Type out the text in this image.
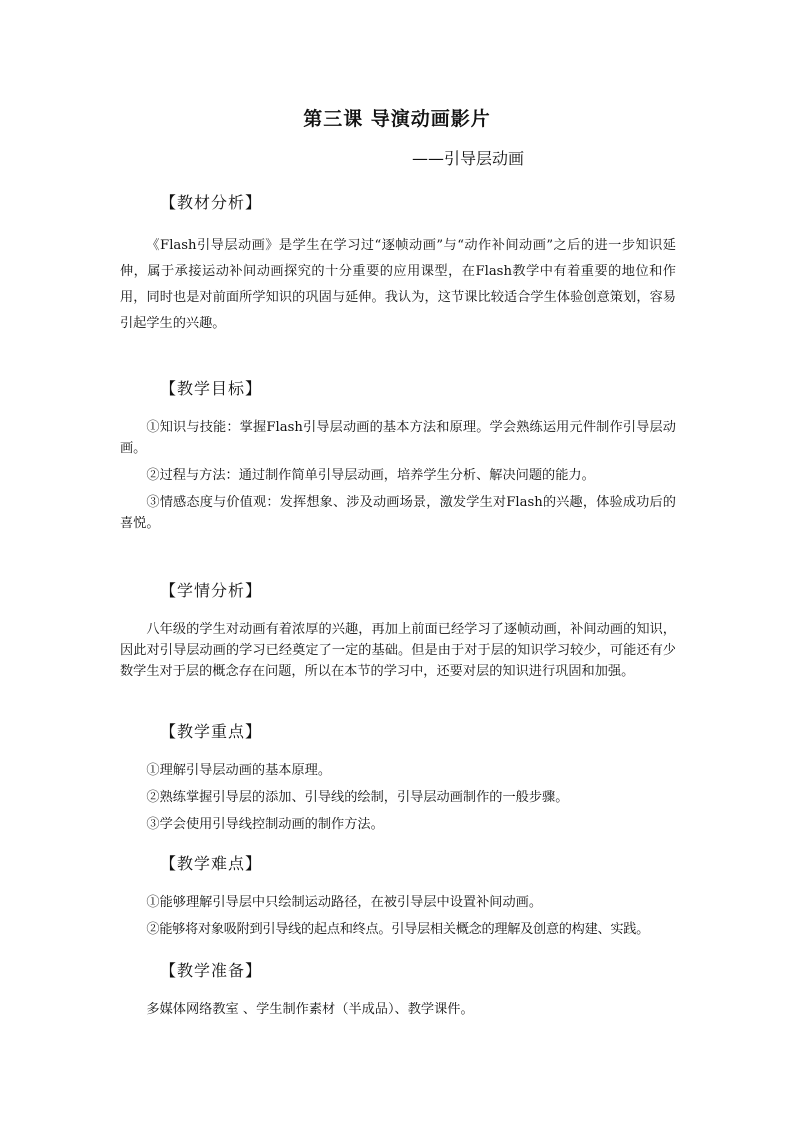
第三课 导演动画影片
——引导层动画
【教材分析】
《Flash引导层动画》是学生在学习过“逐帧动画”与“动作补间动画”之后的进一步知识延伸，属于承接运动补间动画探究的十分重要的应用课型，在Flash教学中有着重要的地位和作用，同时也是对前面所学知识的巩固与延伸。我认为，这节课比较适合学生体验创意策划，容易引起学生的兴趣。
【教学目标】
①知识与技能：掌握Flash引导层动画的基本方法和原理。学会熟练运用元件制作引导层动画。
②过程与方法：通过制作简单引导层动画，培养学生分析、解决问题的能力。
③情感态度与价值观：发挥想象、涉及动画场景，激发学生对Flash的兴趣，体验成功后的喜悦。
【学情分析】
八年级的学生对动画有着浓厚的兴趣，再加上前面已经学习了逐帧动画，补间动画的知识，因此对引导层动画的学习已经奠定了一定的基础。但是由于对于层的知识学习较少，可能还有少数学生对于层的概念存在问题，所以在本节的学习中，还要对层的知识进行巩固和加强。
【教学重点】
①理解引导层动画的基本原理。
②熟练掌握引导层的添加、引导线的绘制，引导层动画制作的一般步骤。
③学会使用引导线控制动画的制作方法。
【教学难点】
①能够理解引导层中只绘制运动路径，在被引导层中设置补间动画。
②能够将对象吸附到引导线的起点和终点。引导层相关概念的理解及创意的构建、实践。
【教学准备】
多媒体网络教室 、学生制作素材（半成品）、教学课件。
